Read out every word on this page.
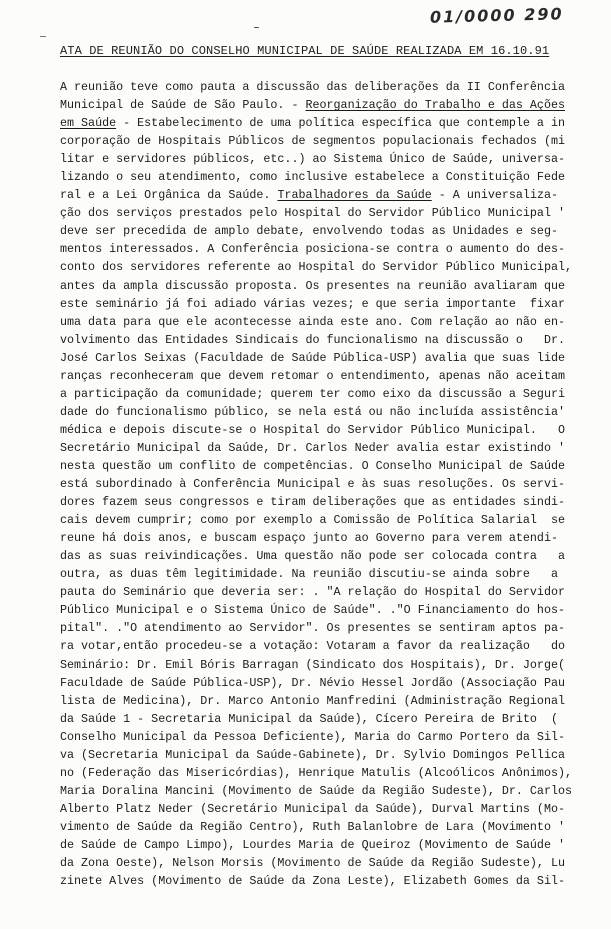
01/0000 290
ATA DE REUNIÃO DO CONSELHO MUNICIPAL DE SAÚDE REALIZADA EM 16.10.91
A reunião teve como pauta a discussão das deliberações da II Conferência
Municipal de Saúde de São Paulo. - Reorganização do Trabalho e das Ações
em Saúde - Estabelecimento de uma política específica que contemple a in
corporação de Hospitais Públicos de segmentos populacionais fechados (mi
litar e servidores públicos, etc..) ao Sistema Único de Saúde, universa-
lizando o seu atendimento, como inclusive estabelece a Constituição Fede
ral e a Lei Orgânica da Saúde. Trabalhadores da Saúde - A universaliza-
ção dos serviços prestados pelo Hospital do Servidor Público Municipal '
deve ser precedida de amplo debate, envolvendo todas as Unidades e seg-
mentos interessados. A Conferência posiciona-se contra o aumento do des-
conto dos servidores referente ao Hospital do Servidor Público Municipal,
antes da ampla discussão proposta. Os presentes na reunião avaliaram que
este seminário já foi adiado várias vezes; e que seria importante  fixar
uma data para que ele acontecesse ainda este ano. Com relação ao não en-
volvimento das Entidades Sindicais do funcionalismo na discussão o   Dr.
José Carlos Seixas (Faculdade de Saúde Pública-USP) avalia que suas lide
ranças reconheceram que devem retomar o entendimento, apenas não aceitam
a participação da comunidade; querem ter como eixo da discussão a Seguri
dade do funcionalismo público, se nela está ou não incluída assistência'
médica e depois discute-se o Hospital do Servidor Público Municipal.   O
Secretário Municipal da Saúde, Dr. Carlos Neder avalia estar existindo '
nesta questão um conflito de competências. O Conselho Municipal de Saúde
está subordinado à Conferência Municipal e às suas resoluções. Os servi-
dores fazem seus congressos e tiram deliberações que as entidades sindi-
cais devem cumprir; como por exemplo a Comissão de Política Salarial  se
reune há dois anos, e buscam espaço junto ao Governo para verem atendi-
das as suas reivindicações. Uma questão não pode ser colocada contra   a
outra, as duas têm legitimidade. Na reunião discutiu-se ainda sobre   a
pauta do Seminário que deveria ser: . "A relação do Hospital do Servidor
Público Municipal e o Sistema Único de Saúde". ."O Financiamento do hos-
pital". ."O atendimento ao Servidor". Os presentes se sentiram aptos pa-
ra votar,então procedeu-se a votação: Votaram a favor da realização   do
Seminário: Dr. Emil Bóris Barragan (Sindicato dos Hospitais), Dr. Jorge(
Faculdade de Saúde Pública-USP), Dr. Névio Hessel Jordão (Associação Pau
lista de Medicina), Dr. Marco Antonio Manfredini (Administração Regional
da Saúde 1 - Secretaria Municipal da Saúde), Cícero Pereira de Brito  (
Conselho Municipal da Pessoa Deficiente), Maria do Carmo Portero da Sil-
va (Secretaria Municipal da Saúde-Gabinete), Dr. Sylvio Domingos Pellica
no (Federação das Misericórdias), Henrique Matulis (Alcoólicos Anônimos),
Maria Doralina Mancini (Movimento de Saúde da Região Sudeste), Dr. Carlos
Alberto Platz Neder (Secretário Municipal da Saúde), Durval Martins (Mo-
vimento de Saúde da Região Centro), Ruth Balanlobre de Lara (Movimento '
de Saúde de Campo Limpo), Lourdes Maria de Queiroz (Movimento de Saúde '
da Zona Oeste), Nelson Morsis (Movimento de Saúde da Região Sudeste), Lu
zinete Alves (Movimento de Saúde da Zona Leste), Elizabeth Gomes da Sil-
